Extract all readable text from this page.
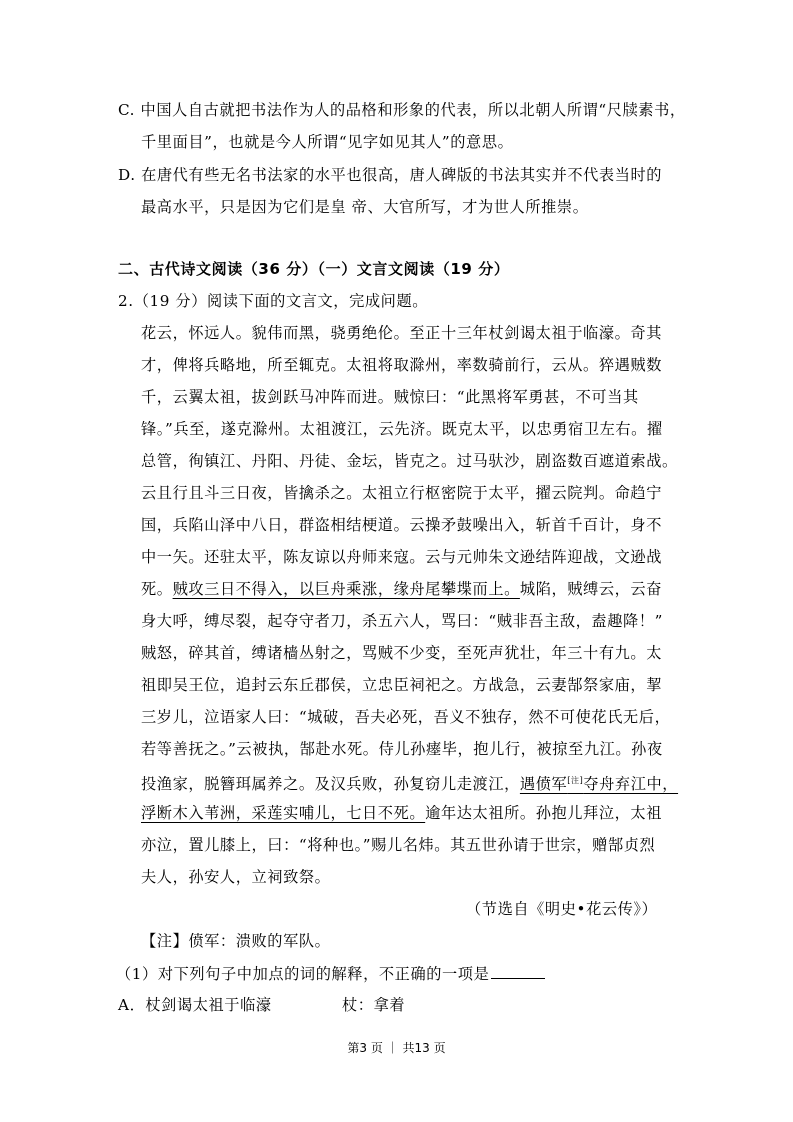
C. 中国人自古就把书法作为人的品格和形象的代表，所以北朝人所谓“尺牍素书，
千里面目”，也就是今人所谓“见字如见其人”的意思。
D. 在唐代有些无名书法家的水平也很高，唐人碑版的书法其实并不代表当时的
最高水平，只是因为它们是皇 帝、大官所写，才为世人所推崇。
二、古代诗文阅读（36 分）（一）文言文阅读（19 分）
2.（19 分）阅读下面的文言文，完成问题。
花云，怀远人。貌伟而黑，骁勇绝伦。至正十三年杖剑谒太祖于临濠。奇其
才，俾将兵略地，所至辄克。太祖将取滁州，率数骑前行，云从。猝遇贼数
千，云翼太祖，拔剑跃马冲阵而进。贼惊曰：“此黑将军勇甚，不可当其
锋。”兵至，遂克滁州。太祖渡江，云先济。既克太平，以忠勇宿卫左右。擢
总管，徇镇江、丹阳、丹徒、金坛，皆克之。过马驮沙，剧盗数百遮道索战。
云且行且斗三日夜，皆擒杀之。太祖立行枢密院于太平，擢云院判。命趋宁
国，兵陷山泽中八日，群盗相结梗道。云操矛鼓噪出入，斩首千百计，身不
中一矢。还驻太平，陈友谅以舟师来寇。云与元帅朱文逊结阵迎战，文逊战
死。贼攻三日不得入，以巨舟乘涨，缘舟尾攀堞而上。城陷，贼缚云，云奋
身大呼，缚尽裂，起夺守者刀，杀五六人，骂曰：“贼非吾主敌，盍趣降！”
贼怒，碎其首，缚诸樯丛射之，骂贼不少变，至死声犹壮，年三十有九。太
祖即吴王位，追封云东丘郡侯，立忠臣祠祀之。方战急，云妻郜祭家庙，挈
三岁儿，泣语家人曰：“城破，吾夫必死，吾义不独存，然不可使花氏无后，
若等善抚之。”云被执，郜赴水死。侍儿孙瘗毕，抱儿行，被掠至九江。孙夜
投渔家，脱簪珥属养之。及汉兵败，孙复窃儿走渡江，遇偾军[注]夺舟弃江中，
浮断木入苇洲，采莲实哺儿，七日不死。逾年达太祖所。孙抱儿拜泣，太祖
亦泣，置儿膝上，曰：“将种也。”赐儿名炜。其五世孙请于世宗，赠郜贞烈
夫人，孙安人，立祠致祭。
（节选自《明史•花云传》）
【注】偾军：溃败的军队。
（1）对下列句子中加点的词的解释，不正确的一项是
A．杖剑谒太祖于临濠	杖：拿着
第3 页 ｜ 共13 页
